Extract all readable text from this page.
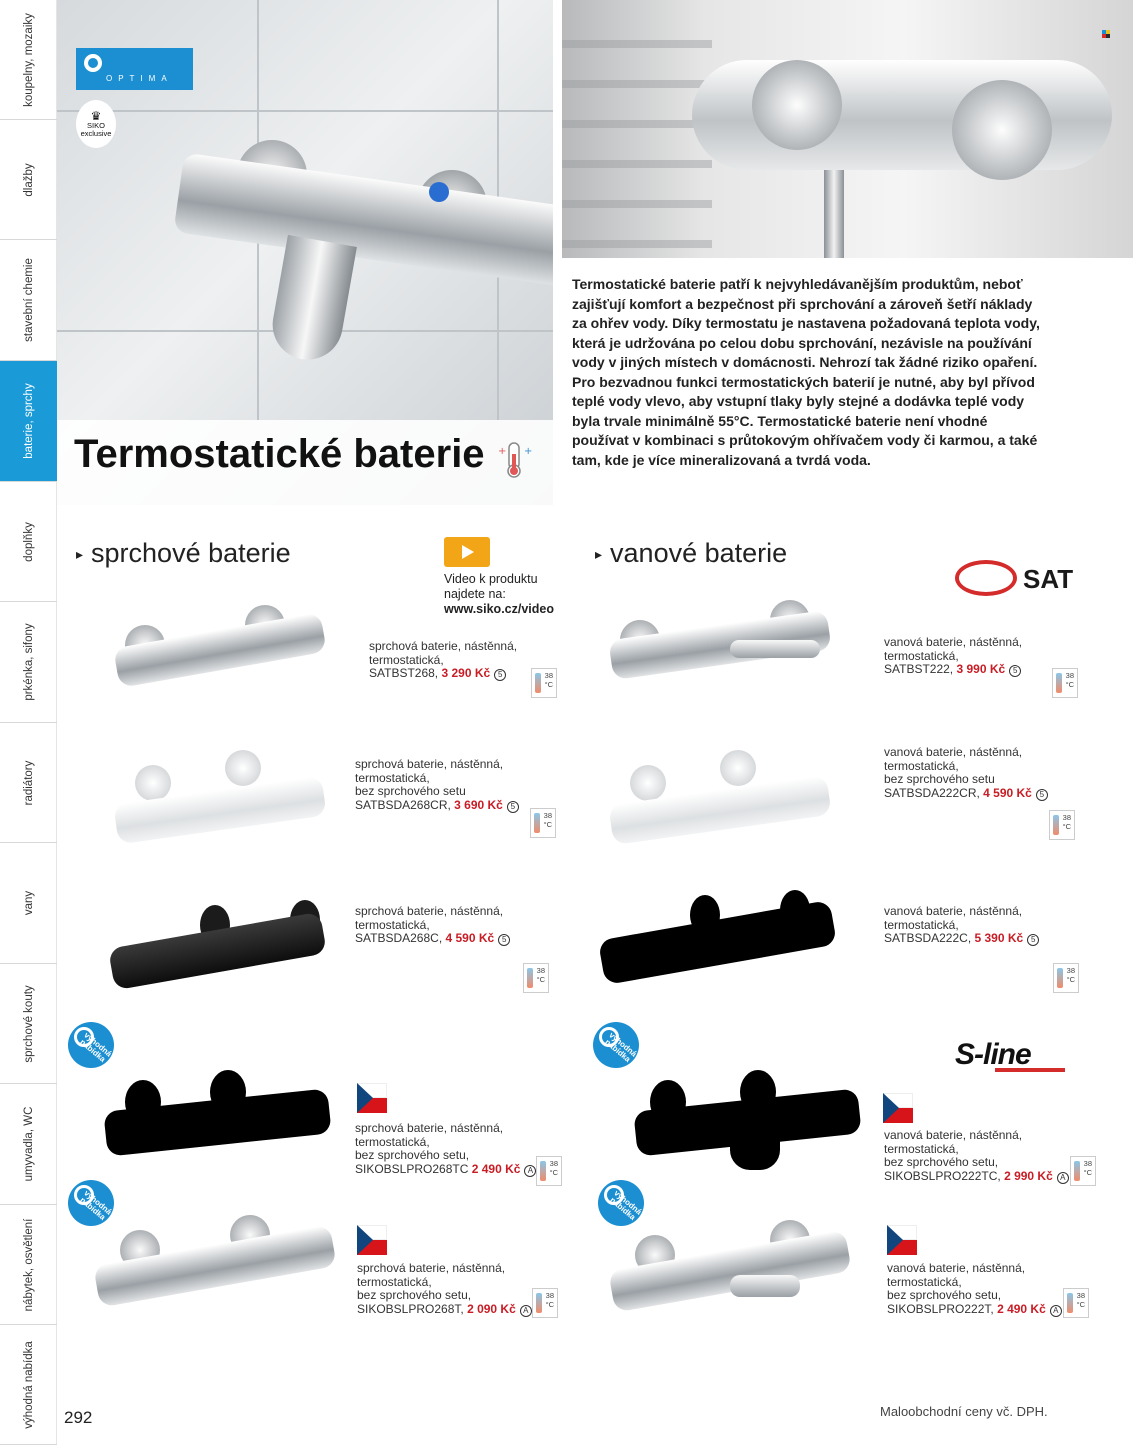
koupelny, mozaiky
dlažby
stavební chemie
baterie, sprchy
doplňky
prkénka, sifony
radiátory
vany
sprchové kouty
umyvadla, WC
nábytek, osvětlení
výhodná nabídka
OPTIMA
♛
SIKO
exclusive
Termostatické baterie + +

Termostatické baterie patří k nejvyhledávanějším produktům, neboť zajišťují komfort a bezpečnost při sprchování a zároveň šetří náklady za ohřev vody. Díky termostatu je nastavena požadovaná teplota vody, která je udržována po celou dobu sprchování, nezávisle na používání vody v jiných místech v domácnosti. Nehrozí tak žádné riziko opaření. Pro bezvadnou funkci termostatických baterií je nutné, aby byl přívod teplé vody vlevo, aby vstupní tlaky byly stejné a dodávka teplé vody byla trvale minimálně 55°C. Termostatické baterie není vhodné používat v kombinaci s průtokovým ohřívačem vody či karmou, a také tam, kde je více mineralizovaná a tvrdá voda.

▸ sprchové baterie	▸ vanové baterie
Video k produktu
najdete na:
www.siko.cz/video
SAT
S-line
výhodná nabídka
výhodná nabídka
výhodná nabídka
výhodná nabídka
sprchová baterie, nástěnná,
termostatická,
SATBST268, 3 290 Kč 5	38
°C
sprchová baterie, nástěnná,
termostatická,
bez sprchového setu
SATBSDA268CR, 3 690 Kč 5
38
°C
sprchová baterie, nástěnná,
termostatická,
SATBSDA268C, 4 590 Kč 5
38
°C
sprchová baterie, nástěnná,
termostatická,
bez sprchového setu,
SIKOBSLPRO268TC 2 490 Kč A
38
°C
sprchová baterie, nástěnná,
termostatická,
bez sprchového setu,
SIKOBSLPRO268T, 2 090 Kč A
38
°C
vanová baterie, nástěnná,
termostatická,
SATBST222, 3 990 Kč 5
38
°C
vanová baterie, nástěnná,
termostatická,
bez sprchového setu
SATBSDA222CR, 4 590 Kč 5
38
°C
vanová baterie, nástěnná,
termostatická,
SATBSDA222C, 5 390 Kč 5
38
°C
vanová baterie, nástěnná,
termostatická,
bez sprchového setu,
SIKOBSLPRO222TC, 2 990 Kč A
38
°C
vanová baterie, nástěnná,
termostatická,
bez sprchového setu,
SIKOBSLPRO222T, 2 490 Kč A
38
°C
292	Maloobchodní ceny vč. DPH.
